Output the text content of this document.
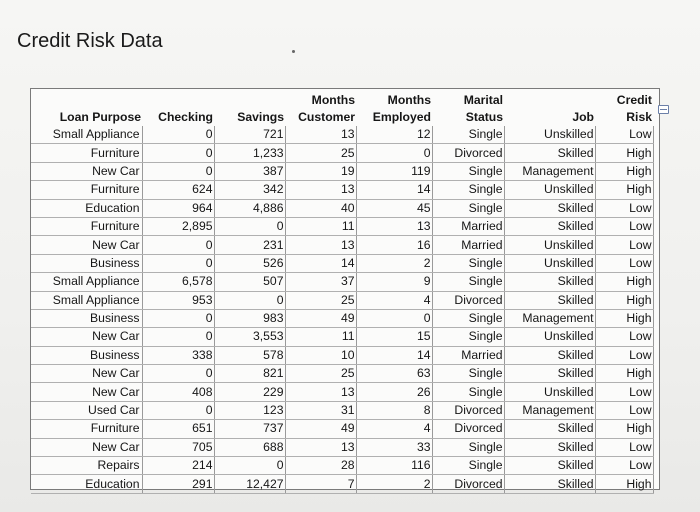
Credit Risk Data
			Months	Months	Marital		Credit
Loan Purpose	Checking	Savings	Customer	Employed	Status	Job	Risk
Small Appliance	0	721	13	12	Single	Unskilled	Low
Furniture	0	1,233	25	0	Divorced	Skilled	High
New Car	0	387	19	119	Single	Management	High
Furniture	624	342	13	14	Single	Unskilled	High
Education	964	4,886	40	45	Single	Skilled	Low
Furniture	2,895	0	11	13	Married	Skilled	Low
New Car	0	231	13	16	Married	Unskilled	Low
Business	0	526	14	2	Single	Unskilled	Low
Small Appliance	6,578	507	37	9	Single	Skilled	High
Small Appliance	953	0	25	4	Divorced	Skilled	High
Business	0	983	49	0	Single	Management	High
New Car	0	3,553	11	15	Single	Unskilled	Low
Business	338	578	10	14	Married	Skilled	Low
New Car	0	821	25	63	Single	Skilled	High
New Car	408	229	13	26	Single	Unskilled	Low
Used Car	0	123	31	8	Divorced	Management	Low
Furniture	651	737	49	4	Divorced	Skilled	High
New Car	705	688	13	33	Single	Skilled	Low
Repairs	214	0	28	116	Single	Skilled	Low
Education	291	12,427	7	2	Divorced	Skilled	High
